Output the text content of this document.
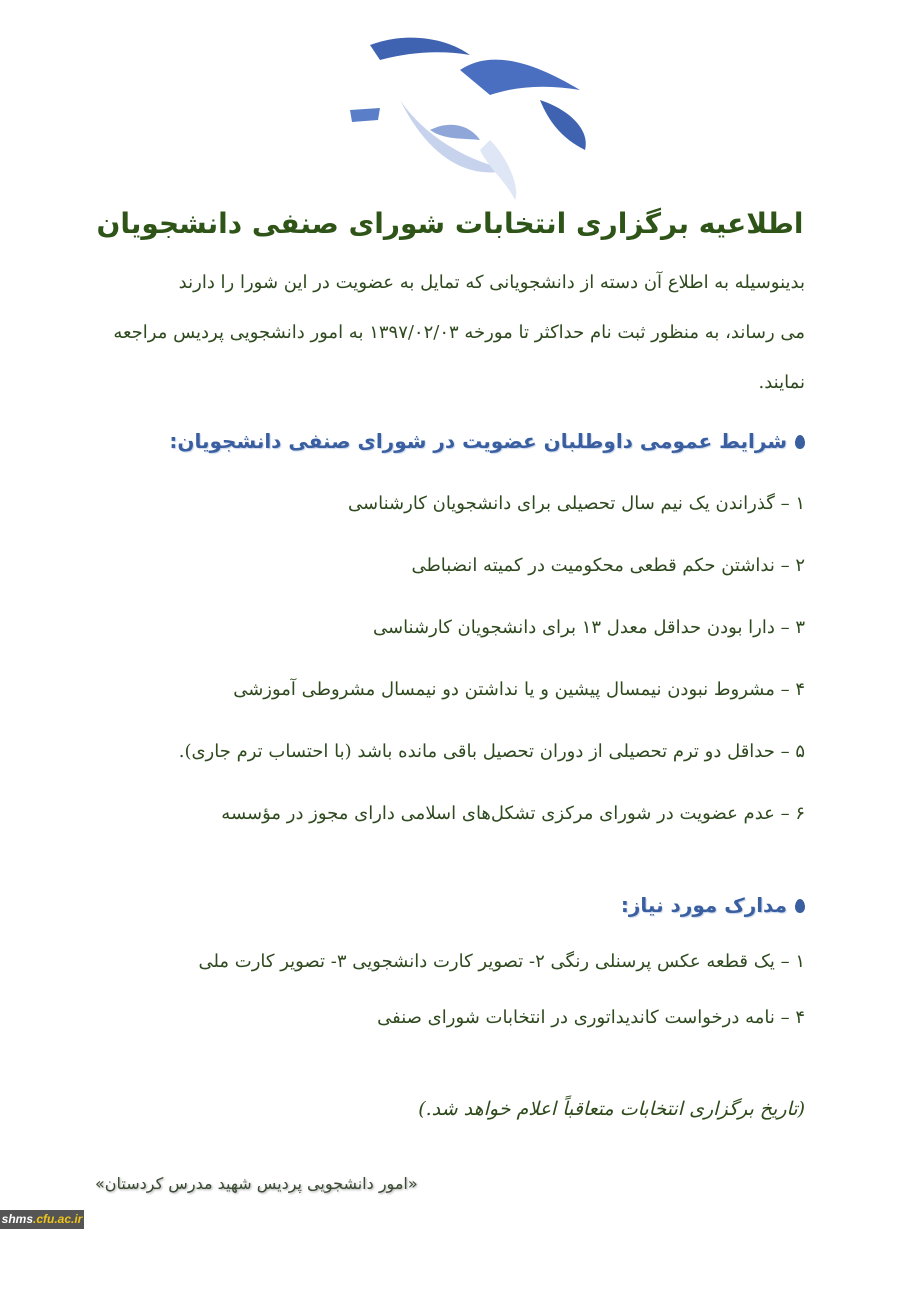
اطلاعیه برگزاری انتخابات شورای صنفی دانشجویان
بدینوسیله به اطلاع آن دسته از دانشجویانی که تمایل به عضویت در این شورا را دارند
می رساند، به منظور ثبت نام حداکثر تا مورخه ۱۳۹۷/۰۲/۰۳ به امور دانشجویی پردیس مراجعه
نمایند.
شرایط عمومی داوطلبان عضویت در شورای صنفی دانشجویان:
۱ – گذراندن یک نیم سال تحصیلی برای دانشجویان کارشناسی
۲ – نداشتن حکم قطعی محکومیت در کمیته انضباطی
۳ – دارا بودن حداقل معدل ۱۳ برای دانشجویان کارشناسی
۴ – مشروط نبودن نیمسال پیشین و یا نداشتن دو نیمسال مشروطی آموزشی
۵ – حداقل دو ترم تحصیلی از دوران تحصیل باقی مانده باشد (با احتساب ترم جاری).
۶ – عدم عضویت در شورای مرکزی تشکل‌های اسلامی دارای مجوز در مؤسسه
مدارک مورد نیاز:
۱ – یک قطعه عکس پرسنلی رنگی ۲- تصویر کارت دانشجویی ۳- تصویر کارت ملی
۴ – نامه درخواست کاندیداتوری در انتخابات شورای صنفی
(تاریخ برگزاری انتخابات متعاقباً اعلام خواهد شد.)
«امور دانشجویی پردیس شهید مدرس کردستان»
shms.cfu.ac.ir
